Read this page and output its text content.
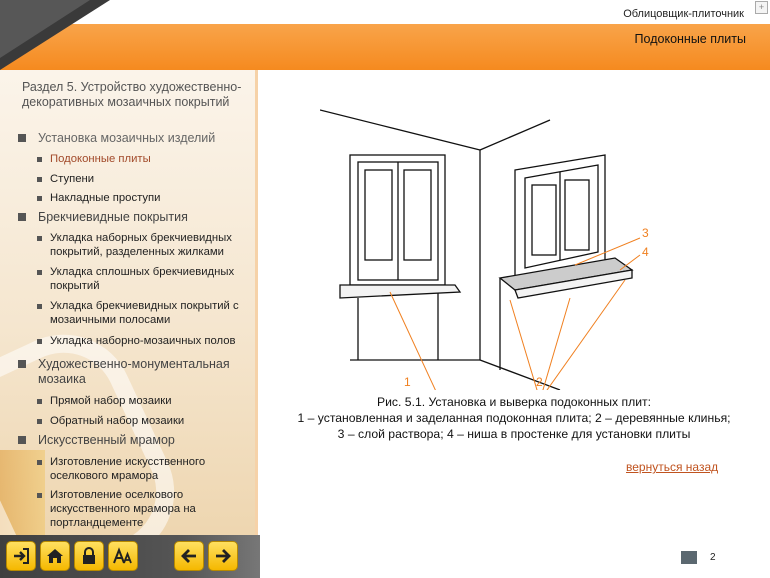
Облицовщик-плиточник
+
Подоконные плиты
Раздел 5. Устройство художественно-декоративных мозаичных покрытий
Установка мозаичных изделий
Подоконные плиты
Ступени
Накладные проступи
Брекчиевидные покрытия
Укладка наборных брекчиевидных покрытий, разделенных жилками
Укладка сплошных брекчиевидных покрытий
Укладка брекчиевидных покрытий с мозаичными полосами
Укладка наборно-мозаичных полов
Художественно-монументальная мозаика
Прямой набор мозаики
Обратный набор мозаики
Искусственный мрамор
Изготовление искусственного оселкового мрамора
Изготовление оселкового искусственного мрамора на портландцементе
1	2
3
4
Рис. 5.1. Установка и выверка подоконных плит:
1 – установленная и заделанная подоконная плита; 2 – деревянные клинья;
3 – слой раствора; 4 – ниша в простенке для установки плиты
вернуться назад
2
